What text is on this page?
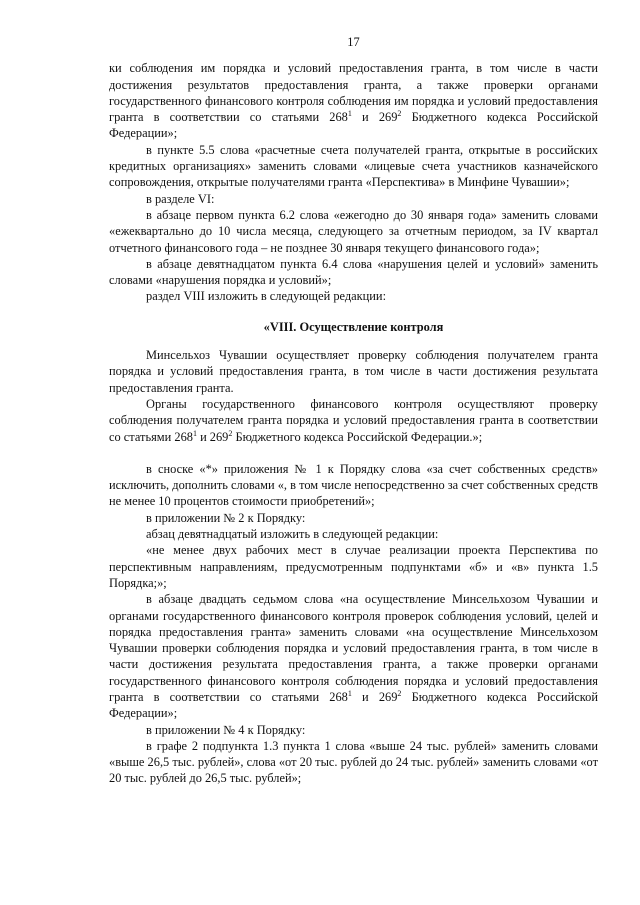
17

ки соблюдения им порядка и условий предоставления гранта, в том числе в части достижения результатов предоставления гранта, а также проверки органами государственного финансового контроля соблюдения им порядка и условий предоставления гранта в соответствии со статьями $268^1$ и $269^2$ Бюджетного кодекса Российской Федерации»;

в пункте 5.5 слова «расчетные счета получателей гранта, открытые в российских кредитных организациях» заменить словами «лицевые счета участников казначейского сопровождения, открытые получателями гранта «Перспектива» в Минфине Чувашии»;

в разделе VI:

в абзаце первом пункта 6.2 слова «ежегодно до 30 января года» заменить словами «ежеквартально до 10 числа месяца, следующего за отчетным периодом, за IV квартал отчетного финансового года – не позднее 30 января текущего финансового года»;

в абзаце девятнадцатом пункта 6.4 слова «нарушения целей и условий» заменить словами «нарушения порядка и условий»;

раздел VIII изложить в следующей редакции:

«VIII. Осуществление контроля

Минсельхоз Чувашии осуществляет проверку соблюдения получателем гранта порядка и условий предоставления гранта, в том числе в части достижения результата предоставления гранта.

Органы государственного финансового контроля осуществляют проверку соблюдения получателем гранта порядка и условий предоставления гранта в соответствии со статьями $268^1$ и $269^2$ Бюджетного кодекса Российской Федерации.»;

в сноске «*» приложения № 1 к Порядку слова «за счет собственных средств» исключить, дополнить словами «, в том числе непосредственно за счет собственных средств не менее 10 процентов стоимости приобретений»;

в приложении № 2 к Порядку:

абзац девятнадцатый изложить в следующей редакции:

«не менее двух рабочих мест в случае реализации проекта Перспектива по перспективным направлениям, предусмотренным подпунктами «б» и «в» пункта 1.5 Порядка;»;

в абзаце двадцать седьмом слова «на осуществление Минсельхозом Чувашии и органами государственного финансового контроля проверок соблюдения условий, целей и порядка предоставления гранта» заменить словами «на осуществление Минсельхозом Чувашии проверки соблюдения порядка и условий предоставления гранта, в том числе в части достижения результата предоставления гранта, а также проверки органами государственного финансового контроля соблюдения порядка и условий предоставления гранта в соответствии со статьями $268^1$ и $269^2$ Бюджетного кодекса Российской Федерации»;

в приложении № 4 к Порядку:

в графе 2 подпункта 1.3 пункта 1 слова «выше 24 тыс. рублей» заменить словами «выше 26,5 тыс. рублей», слова «от 20 тыс. рублей до 24 тыс. рублей» заменить словами «от 20 тыс. рублей до 26,5 тыс. рублей»;
